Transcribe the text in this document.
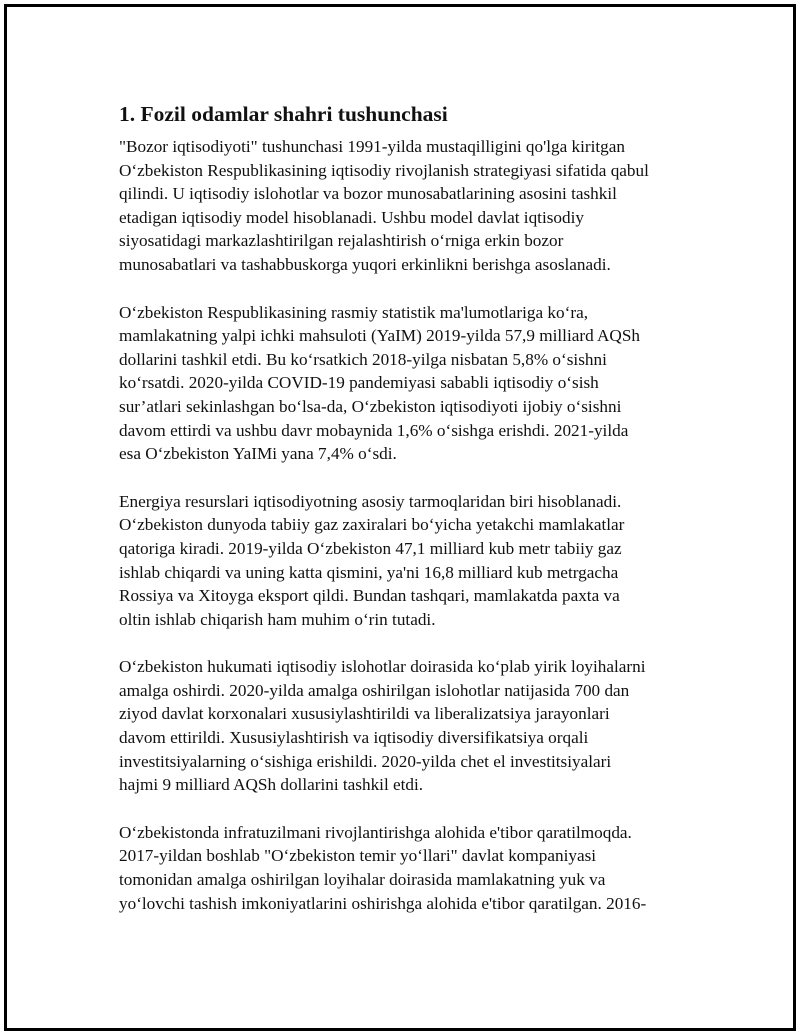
1. Fozil odamlar shahri tushunchasi

"Bozor iqtisodiyoti" tushunchasi 1991-yilda mustaqilligini qo'lga kiritgan
O‘zbekiston Respublikasining iqtisodiy rivojlanish strategiyasi sifatida qabul
qilindi. U iqtisodiy islohotlar va bozor munosabatlarining asosini tashkil
etadigan iqtisodiy model hisoblanadi. Ushbu model davlat iqtisodiy
siyosatidagi markazlashtirilgan rejalashtirish o‘rniga erkin bozor
munosabatlari va tashabbuskorga yuqori erkinlikni berishga asoslanadi.

O‘zbekiston Respublikasining rasmiy statistik ma'lumotlariga ko‘ra,
mamlakatning yalpi ichki mahsuloti (YaIM) 2019-yilda 57,9 milliard AQSh
dollarini tashkil etdi. Bu ko‘rsatkich 2018-yilga nisbatan 5,8% o‘sishni
ko‘rsatdi. 2020-yilda COVID-19 pandemiyasi sababli iqtisodiy o‘sish
sur’atlari sekinlashgan bo‘lsa-da, O‘zbekiston iqtisodiyoti ijobiy o‘sishni
davom ettirdi va ushbu davr mobaynida 1,6% o‘sishga erishdi. 2021-yilda
esa O‘zbekiston YaIMi yana 7,4% o‘sdi.

Energiya resurslari iqtisodiyotning asosiy tarmoqlaridan biri hisoblanadi.
O‘zbekiston dunyoda tabiiy gaz zaxiralari bo‘yicha yetakchi mamlakatlar
qatoriga kiradi. 2019-yilda O‘zbekiston 47,1 milliard kub metr tabiiy gaz
ishlab chiqardi va uning katta qismini, ya'ni 16,8 milliard kub metrgacha
Rossiya va Xitoyga eksport qildi. Bundan tashqari, mamlakatda paxta va
oltin ishlab chiqarish ham muhim o‘rin tutadi.

O‘zbekiston hukumati iqtisodiy islohotlar doirasida ko‘plab yirik loyihalarni
amalga oshirdi. 2020-yilda amalga oshirilgan islohotlar natijasida 700 dan
ziyod davlat korxonalari xususiylashtirildi va liberalizatsiya jarayonlari
davom ettirildi. Xususiylashtirish va iqtisodiy diversifikatsiya orqali
investitsiyalarning o‘sishiga erishildi. 2020-yilda chet el investitsiyalari
hajmi 9 milliard AQSh dollarini tashkil etdi.

O‘zbekistonda infratuzilmani rivojlantirishga alohida e'tibor qaratilmoqda.
2017-yildan boshlab "O‘zbekiston temir yo‘llari" davlat kompaniyasi
tomonidan amalga oshirilgan loyihalar doirasida mamlakatning yuk va
yo‘lovchi tashish imkoniyatlarini oshirishga alohida e'tibor qaratilgan. 2016-
